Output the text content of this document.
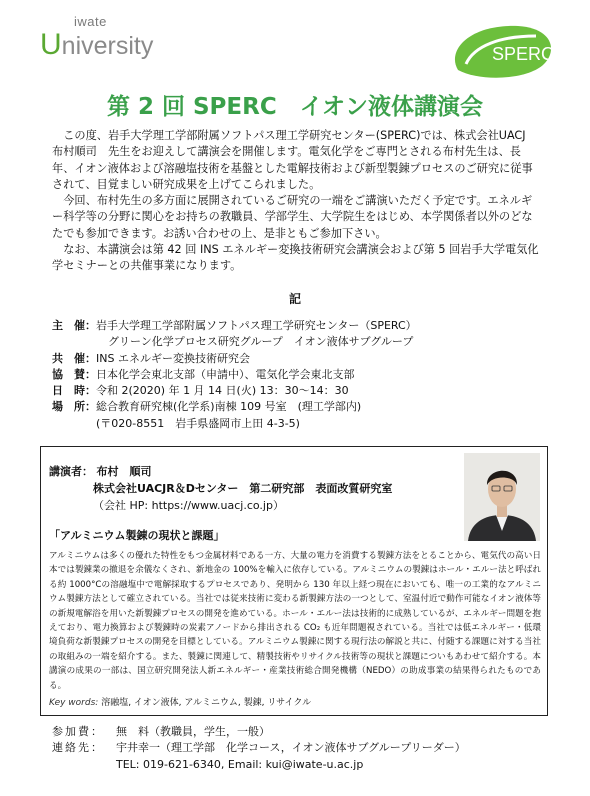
iwate
University	SPERC
第 2 回 SPERC　イオン液体講演会

　この度、岩手大学理工学部附属ソフトパス理工学研究センター(SPERC)では、株式会社UACJ　布村順司　先生をお迎えして講演会を開催します。電気化学をご専門とされる布村先生は、長年、イオン液体および溶融塩技術を基盤とした電解技術および新型製錬プロセスのご研究に従事されて、目覚ましい研究成果を上げてこられました。

　今回、布村先生の多方面に展開されているご研究の一端をご講演いただく予定です。エネルギー科学等の分野に関心をお持ちの教職員、学部学生、大学院生をはじめ、本学関係者以外のどなたでも参加できます。お誘い合わせの上、是非ともご参加下さい。

　なお、本講演会は第 42 回 INS エネルギー変換技術研究会講演会および第 5 回岩手大学電気化学セミナーとの共催事業になります。

記
主　催： 岩手大学理工学部附属ソフトパス理工学研究センター（SPERC）
グリーン化学プロセス研究グループ　イオン液体サブグループ
共　催： INS エネルギー変換技術研究会
協　賛： 日本化学会東北支部（申請中）、電気化学会東北支部
日　時： 令和 2(2020) 年 1 月 14 日(火) 13：30～14：30
場　所： 総合教育研究棟(化学系)南棟 109 号室　(理工学部内)
(〒020-8551　岩手県盛岡市上田 4-3-5)
講演者： 布村　順司
株式会社UACJR＆Dセンター　第二研究部　表面改質研究室
（会社 HP: https://www.uacj.co.jp）
「アルミニウム製錬の現状と課題」
アルミニウムは多くの優れた特性をもつ金属材料である一方、大量の電力を消費する製錬方法をとることから、電気代の高い日本では製錬業の撤退を余儀なくされ、新地金の 100%を輸入に依存している。アルミニウムの製錬はホール・エルー法と呼ばれる約 1000°Cの溶融塩中で電解採取するプロセスであり、発明から 130 年以上経つ現在においても、唯一の工業的なアルミニウム製錬方法として確立されている。当社では従来技術に変わる新製錬方法の一つとして、室温付近で動作可能なイオン液体等の新規電解浴を用いた新製錬プロセスの開発を進めている。ホール・エルー法は技術的に成熟しているが、エネルギー問題を抱えており、電力換算および製錬時の炭素アノードから排出される CO₂ も近年問題視されている。当社では低エネルギー・低環境負荷な新製錬プロセスの開発を目標としている。アルミニウム製錬に関する現行法の解説と共に、付随する課題に対する当社の取組みの一端を紹介する。また、製錬に関連して、精製技術やリサイクル技術等の現状と課題についもあわせて紹介する。本講演の成果の一部は、国立研究開発法人新エネルギー・産業技術総合開発機構（NEDO）の助成事業の結果得られたものである。
Key words: 溶融塩, イオン液体, アルミニウム, 製錬, リサイクル
参加費：	無　料（教職員，学生，一般）
連絡先：	宇井幸一（理工学部　化学コース，イオン液体サブグループリーダー）
TEL: 019-621-6340, Email: kui@iwate-u.ac.jp
